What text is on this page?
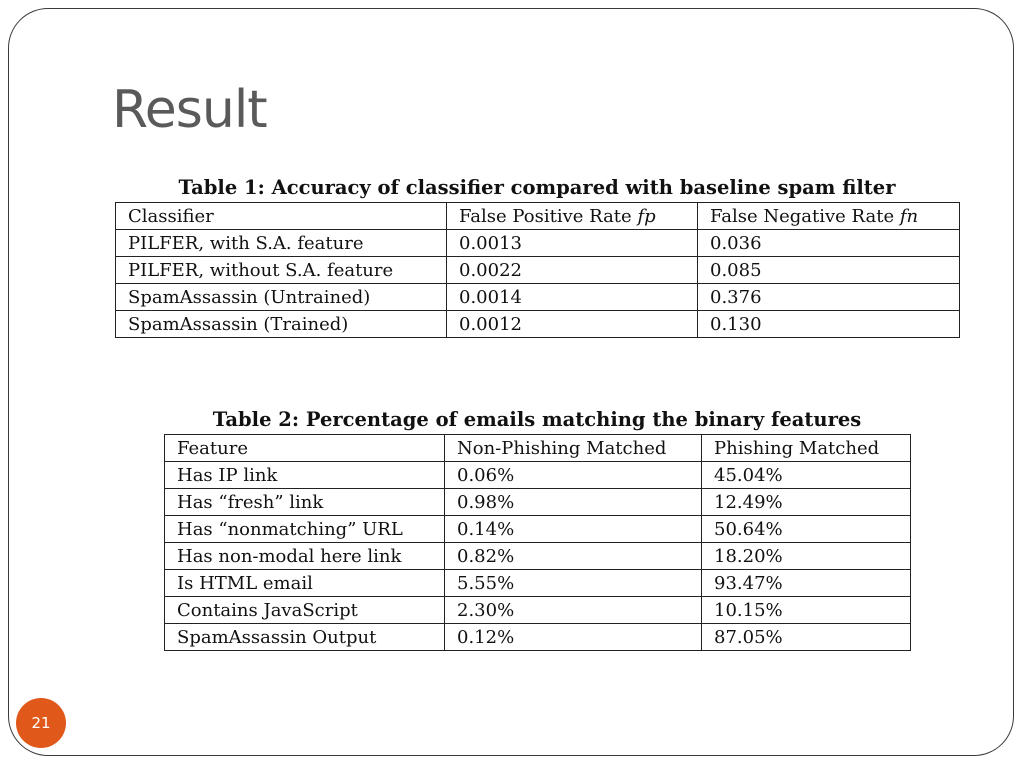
Result
Table 1: Accuracy of classifier compared with baseline spam filter
Classifier	False Positive Rate fp	False Negative Rate fn
PILFER, with S.A. feature	0.0013	0.036
PILFER, without S.A. feature	0.0022	0.085
SpamAssassin (Untrained)	0.0014	0.376
SpamAssassin (Trained)	0.0012	0.130
Table 2: Percentage of emails matching the binary features
Feature	Non-Phishing Matched	Phishing Matched
Has IP link	0.06%	45.04%
Has “fresh” link	0.98%	12.49%
Has “nonmatching” URL	0.14%	50.64%
Has non-modal here link	0.82%	18.20%
Is HTML email	5.55%	93.47%
Contains JavaScript	2.30%	10.15%
SpamAssassin Output	0.12%	87.05%
21
